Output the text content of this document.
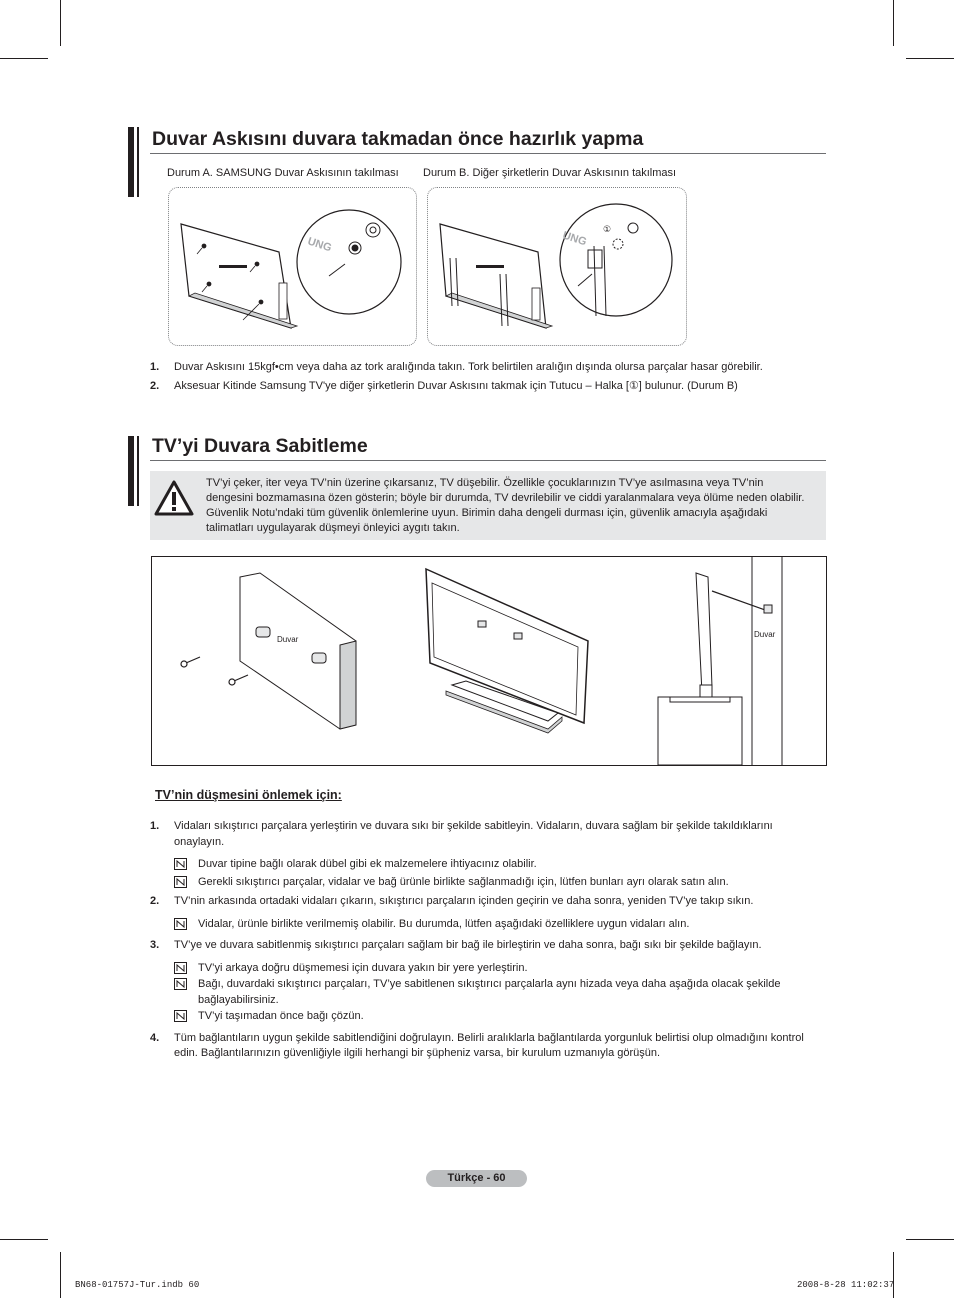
Duvar Askısını duvara takmadan önce hazırlık yapma
Durum A. SAMSUNG Duvar Askısının takılması Durum B. Diğer şirketlerin Duvar Askısının takılması
UNG	UNG ①
1. Duvar Askısını 15kgf•cm veya daha az tork aralığında takın. Tork belirtilen aralığın dışında olursa parçalar hasar görebilir.
2. Aksesuar Kitinde Samsung TV'ye diğer şirketlerin Duvar Askısını takmak için Tutucu – Halka [①] bulunur. (Durum B)
TV’yi Duvara Sabitleme
TV’yi çeker, iter veya TV’nin üzerine çıkarsanız, TV düşebilir. Özellikle çocuklarınızın TV’ye asılmasına veya TV’nin dengesini bozmamasına özen gösterin; böyle bir durumda, TV devrilebilir ve ciddi yaralanmalara veya ölüme neden olabilir. Güvenlik Notu’ndaki tüm güvenlik önlemlerine uyun. Birimin daha dengeli durması için, güvenlik amacıyla aşağıdaki talimatları uygulayarak düşmeyi önleyici aygıtı takın.
Duvar
Duvar
TV’nin düşmesini önlemek için:
1. Vidaları sıkıştırıcı parçalara yerleştirin ve duvara sıkı bir şekilde sabitleyin. Vidaların, duvara sağlam bir şekilde takıldıklarını onaylayın.
Duvar tipine bağlı olarak dübel gibi ek malzemelere ihtiyacınız olabilir.
Gerekli sıkıştırıcı parçalar, vidalar ve bağ ürünle birlikte sağlanmadığı için, lütfen bunları ayrı olarak satın alın.
2. TV’nin arkasında ortadaki vidaları çıkarın, sıkıştırıcı parçaların içinden geçirin ve daha sonra, yeniden TV’ye takıp sıkın.
Vidalar, ürünle birlikte verilmemiş olabilir. Bu durumda, lütfen aşağıdaki özelliklere uygun vidaları alın.
3. TV’ye ve duvara sabitlenmiş sıkıştırıcı parçaları sağlam bir bağ ile birleştirin ve daha sonra, bağı sıkı bir şekilde bağlayın.
TV’yi arkaya doğru düşmemesi için duvara yakın bir yere yerleştirin.
Bağı, duvardaki sıkıştırıcı parçaları, TV’ye sabitlenen sıkıştırıcı parçalarla aynı hizada veya daha aşağıda olacak şekilde bağlayabilirsiniz.
TV’yi taşımadan önce bağı çözün.
4. Tüm bağlantıların uygun şekilde sabitlendiğini doğrulayın. Belirli aralıklarla bağlantılarda yorgunluk belirtisi olup olmadığını kontrol edin. Bağlantılarınızın güvenliğiyle ilgili herhangi bir şüpheniz varsa, bir kurulum uzmanıyla görüşün.
Türkçe - 60
BN68-01757J-Tur.indb 60	2008-8-28 11:02:37
